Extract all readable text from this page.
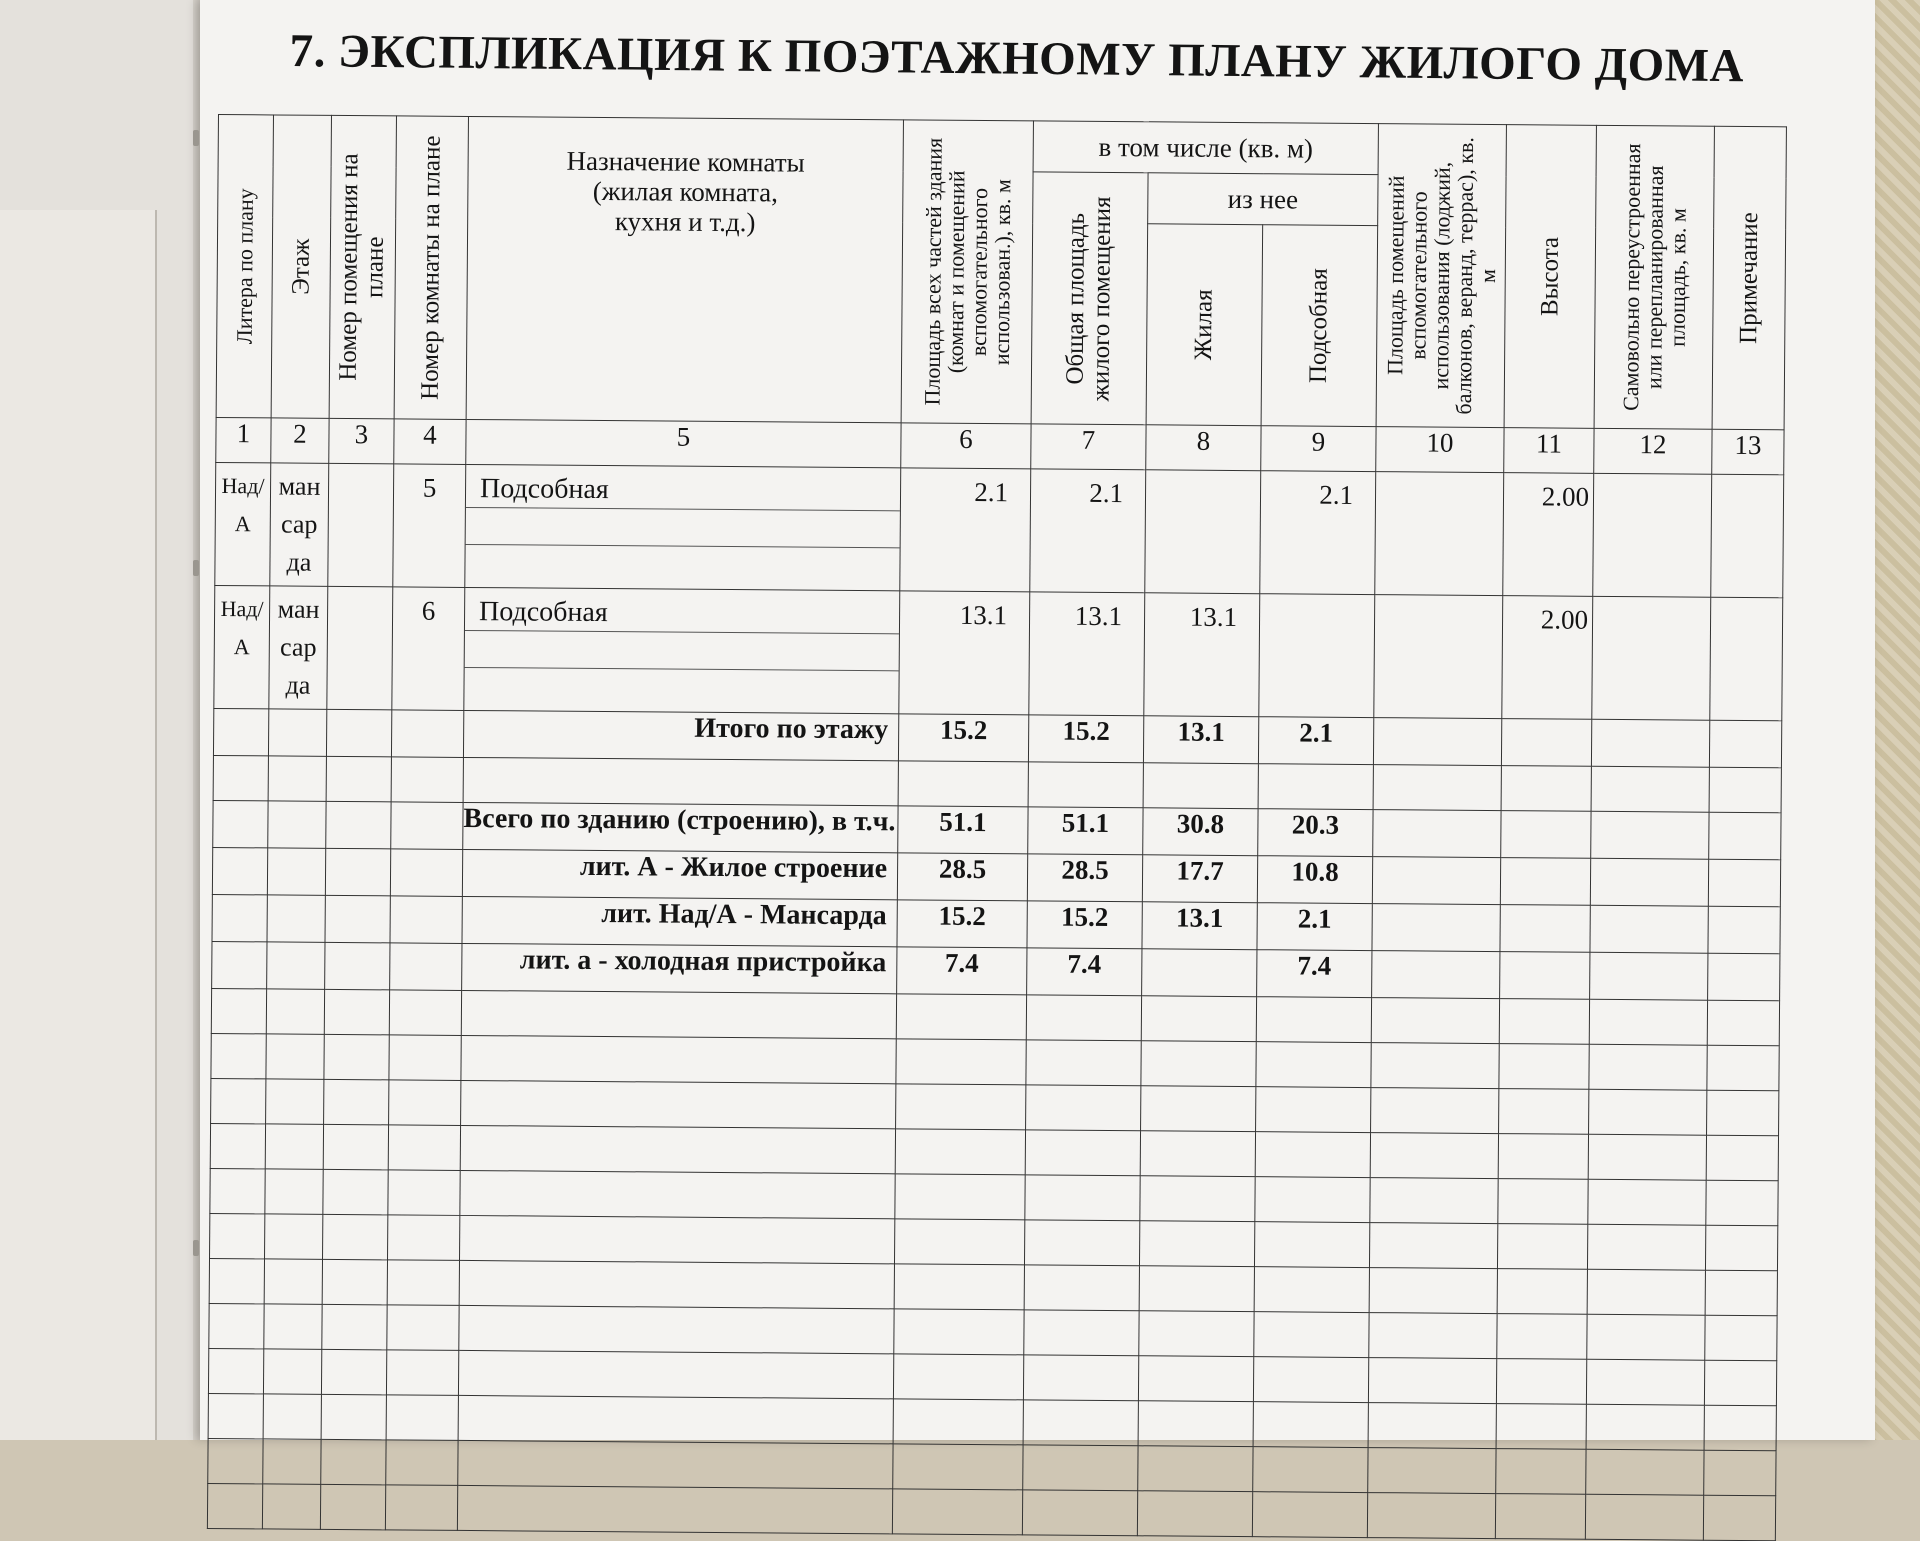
7. ЭКСПЛИКАЦИЯ К ПОЭТАЖНОМУ ПЛАНУ ЖИЛОГО ДОМА
Литера по плану	Этаж	Номер помещения на плане	Номер комнаты на плане	Назначение комнаты
(жилая комната,
кухня и т.д.)	Площадь всех частей здания (комнат и помещений вспомогательного использован.), кв. м	в том числе (кв. м)			Площадь помещений вспомогательного использования (лоджий, балконов, веранд, террас), кв. м	Высота	Самовольно переустроенная или перепланированная площадь, кв. м	Примечание

						Общая площадь жилого помещения	из нее					

							Жилая	Подсобная				

1	2	3	4	5	6	7	8	9	10	11	12	13
Над/А	ман
сар
да		5	Подсобная	2.1	2.1		2.1		2.00		
Над/А	ман
сар
да		6	Подсобная	13.1	13.1	13.1			2.00		
				Итого по этажу	15.2	15.2	13.1	2.1				

				Всего по зданию (строению), в т.ч.	51.1	51.1	30.8	20.3				
				лит. А - Жилое строение	28.5	28.5	17.7	10.8				
				лит. Над/А - Мансарда	15.2	15.2	13.1	2.1				
				лит. а - холодная пристройка	7.4	7.4		7.4				
